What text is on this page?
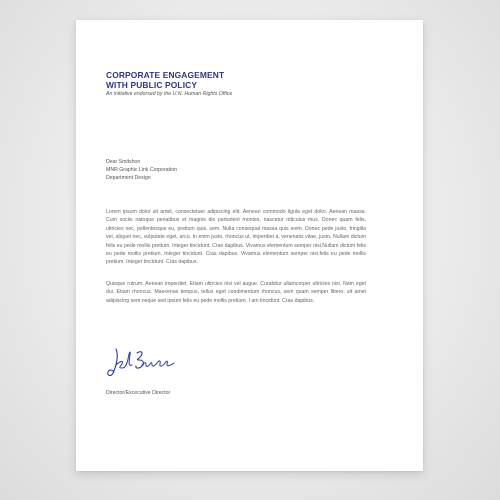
CORPORATE ENGAGEMENT
WITH PUBLIC POLICY

An initiative endorsed by the U.N. Human Rights Office

Dear Smitshon
MNR Graphic Link Corporation
Department Design

Lorem ipsum dolor sit amet, consectetuer adipiscing elit. Aenean commodo ligula eget dolor. Aenean massa. Cum sociis natoque penatibus et magnis dis parturient montes, nascetur ridiculus mus. Donec quam felis, ultricies nec, pellentesque eu, pretium quis, sem. Nulla consequat massa quis enim. Donec pede justo, fringilla vel, aliquet nec, vulputate eget, arcu. In enim justo, rhoncus ut, imperdiet a, venenatis vitae, justo. Nullam dictum felis eu pede mollis pretium. Integer tincidunt. Cras dapibus. Vivamus elementum semper nisi.Nullam dictum felis eu pede mollis pretium. Integer tincidunt. Cras dapibus. Vivamus elementum semper nisi.felis eu pede mollis pretium. Integer tincidunt. Cras dapibus.

Quisque rutrum. Aenean imperdiet. Etiam ultricies nisi vel augue. Curabitur ullamcorper ultricies nisi. Nam eget dui. Etiam rhoncus. Maecenas tempus, tellus eget condimentum rhoncus, sem quam semper libero, sit amet adipiscing sem neque sed ipsum felis eu pede mollis pretium. I am tincidunt. Cras dapibus.

Director/Excecutive Director
